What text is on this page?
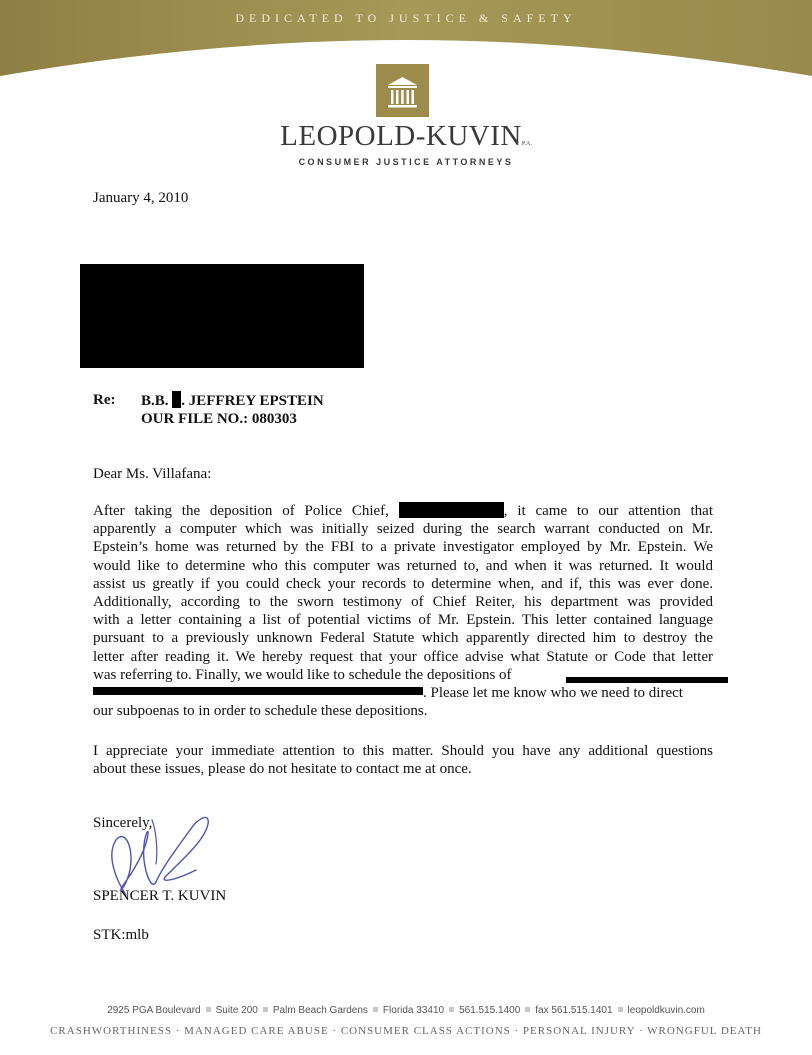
DEDICATED TO JUSTICE & SAFETY
LEOPOLD-KUVINP.A.
CONSUMER JUSTICE ATTORNEYS
January 4, 2010
Re: B.B. . JEFFREY EPSTEIN
OUR FILE NO.: 080303
Dear Ms. Villafana:
After taking the deposition of Police Chief,	, it came to our attention that
apparently a computer which was initially seized during the search warrant conducted on Mr.
Epstein’s home was returned by the FBI to a private investigator employed by Mr. Epstein. We
would like to determine who this computer was returned to, and when it was returned. It would
assist us greatly if you could check your records to determine when, and if, this was ever done.
Additionally, according to the sworn testimony of Chief Reiter, his department was provided
with a letter containing a list of potential victims of Mr. Epstein. This letter contained language
pursuant to a previously unknown Federal Statute which apparently directed him to destroy the
letter after reading it. We hereby request that your office advise what Statute or Code that letter
was referring to. Finally, we would like to schedule the depositions of
. Please let me know who we need to direct
our subpoenas to in order to schedule these depositions.
I appreciate your immediate attention to this matter. Should you have any additional questions
about these issues, please do not hesitate to contact me at once.
Sincerely,
SPENCER T. KUVIN
STK:mlb
2925 PGA Boulevard Suite 200 Palm Beach Gardens Florida 33410 561.515.1400 fax 561.515.1401 leopoldkuvin.com
CRASHWORTHINESS · MANAGED CARE ABUSE · CONSUMER CLASS ACTIONS · PERSONAL INJURY · WRONGFUL DEATH
